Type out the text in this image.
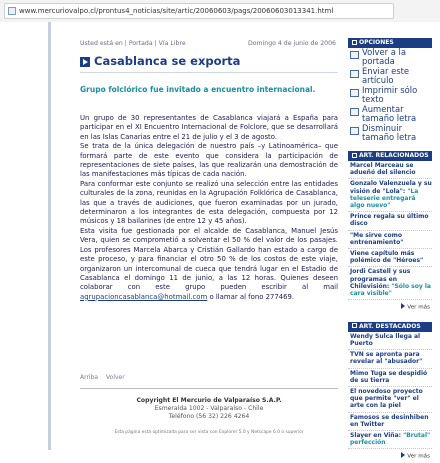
www.mercuriovalpo.cl/prontus4_noticias/site/artic/20060603/pags/20060603013341.html
Usted está en | Portada | Vía Libre	Domingo 4 de junio de 2006
Casablanca se exporta
Grupo folclórico fue invitado a encuentro internacional.

Un grupo de 30 representantes de Casablanca viajará a España para participar en el XI Encuentro Internacional de Folclore, que se desarrollará en las Islas Canarias entre el 21 de julio y el 3 de agosto.

Se trata de la única delegación de nuestro país –y Latinoamérica– que formará parte de este evento que considera la participación de representaciones de siete países, las que realizarán una demostración de las manifestaciones más típicas de cada nación.

Para conformar este conjunto se realizó una selección entre las entidades culturales de la zona, reunidas en la Agrupación Folklórica de Casablanca, las que a través de audiciones, que fueron examinadas por un jurado, determinaron a los integrantes de esta delegación, compuesta por 12 músicos y 18 bailarines (de entre 12 y 45 años).

Esta visita fue gestionada por el alcalde de Casablanca, Manuel Jesús Vera, quien se comprometió a solventar el 50 % del valor de los pasajes. Los profesores Marcela Abarca y Cristián Gallardo han estado a cargo de este proceso, y para financiar el otro 50 % de los costos de este viaje, organizaron un intercomunal de cueca que tendrá lugar en el Estadio de Casablanca el domingo 11 de junio, a las 12 horas. Quienes deseen colaborar con este grupo pueden escribir al mail agrupacioncasablanca@hotmail.com o llamar al fono 277469.

Arriba Volver
Copyright El Mercurio de Valparaíso S.A.P.
Esmeralda 1002 - Valparaíso - Chile
Teléfono (56 32) 226 4264
Esta página está optimizada para ser vista con Explorer 5.0 y Netscape 6.0 o superior
OPCIONES
Volver a la portada
Enviar este artículo
Imprimir sólo texto
Aumentar tamaño letra
Disminuir tamaño letra
ART. RELACIONADOS
Marcel Marceau se adueñó del silencio
Gonzalo Valenzuela y su visión de "Lola": "La teleserie entregará algo nuevo"
Prince regala su último disco
"Me sirve como entrenamiento"
Viene capítulo más polémico de "Héroes"
Jordi Castell y sus programas en Chilevisión: "Sólo soy la cara visible"
Ver más
ART. DESTACADOS
Wendy Sulca llega al Puerto
TVN se apronta para revelar al "abusador"
Mimo Tuga se despidió de su tierra
El novedoso proyecto que permite "ver" el arte con la piel
Famosos se desinhiben en Twitter
Slayer en Viña: "Brutal" perfección
Ver más
